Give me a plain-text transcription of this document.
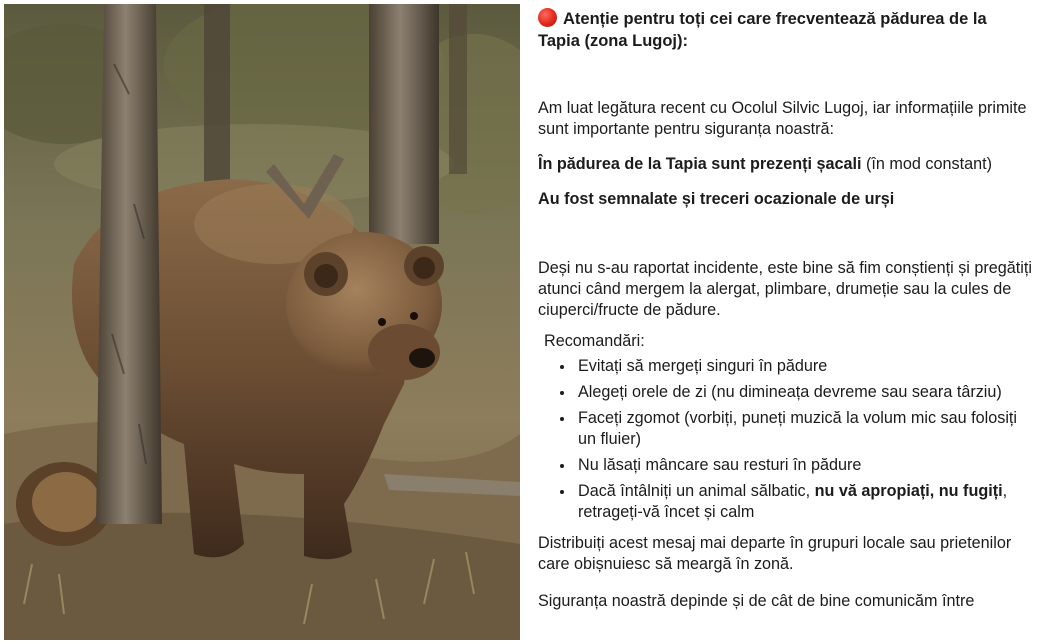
Atenție pentru toți cei care frecventează pădurea de la Tapia (zona Lugoj):

Am luat legătura recent cu Ocolul Silvic Lugoj, iar informațiile primite sunt importante pentru siguranța noastră:

În pădurea de la Tapia sunt prezenți șacali (în mod constant)

Au fost semnalate și treceri ocazionale de urși

Deși nu s-au raportat incidente, este bine să fim conștienți și pregătiți atunci când mergem la alergat, plimbare, drumeție sau la cules de ciuperci/fructe de pădure.

Recomandări:

Evitați să mergeți singuri în pădure
Alegeți orele de zi (nu dimineața devreme sau seara târziu)
Faceți zgomot (vorbiți, puneți muzică la volum mic sau folosiți un fluier)
Nu lăsați mâncare sau resturi în pădure
Dacă întâlniți un animal sălbatic, nu vă apropiați, nu fugiți, retrageți-vă încet și calm

Distribuiți acest mesaj mai departe în grupuri locale sau prietenilor care obișnuiesc să meargă în zonă.

Siguranța noastră depinde și de cât de bine comunicăm între
